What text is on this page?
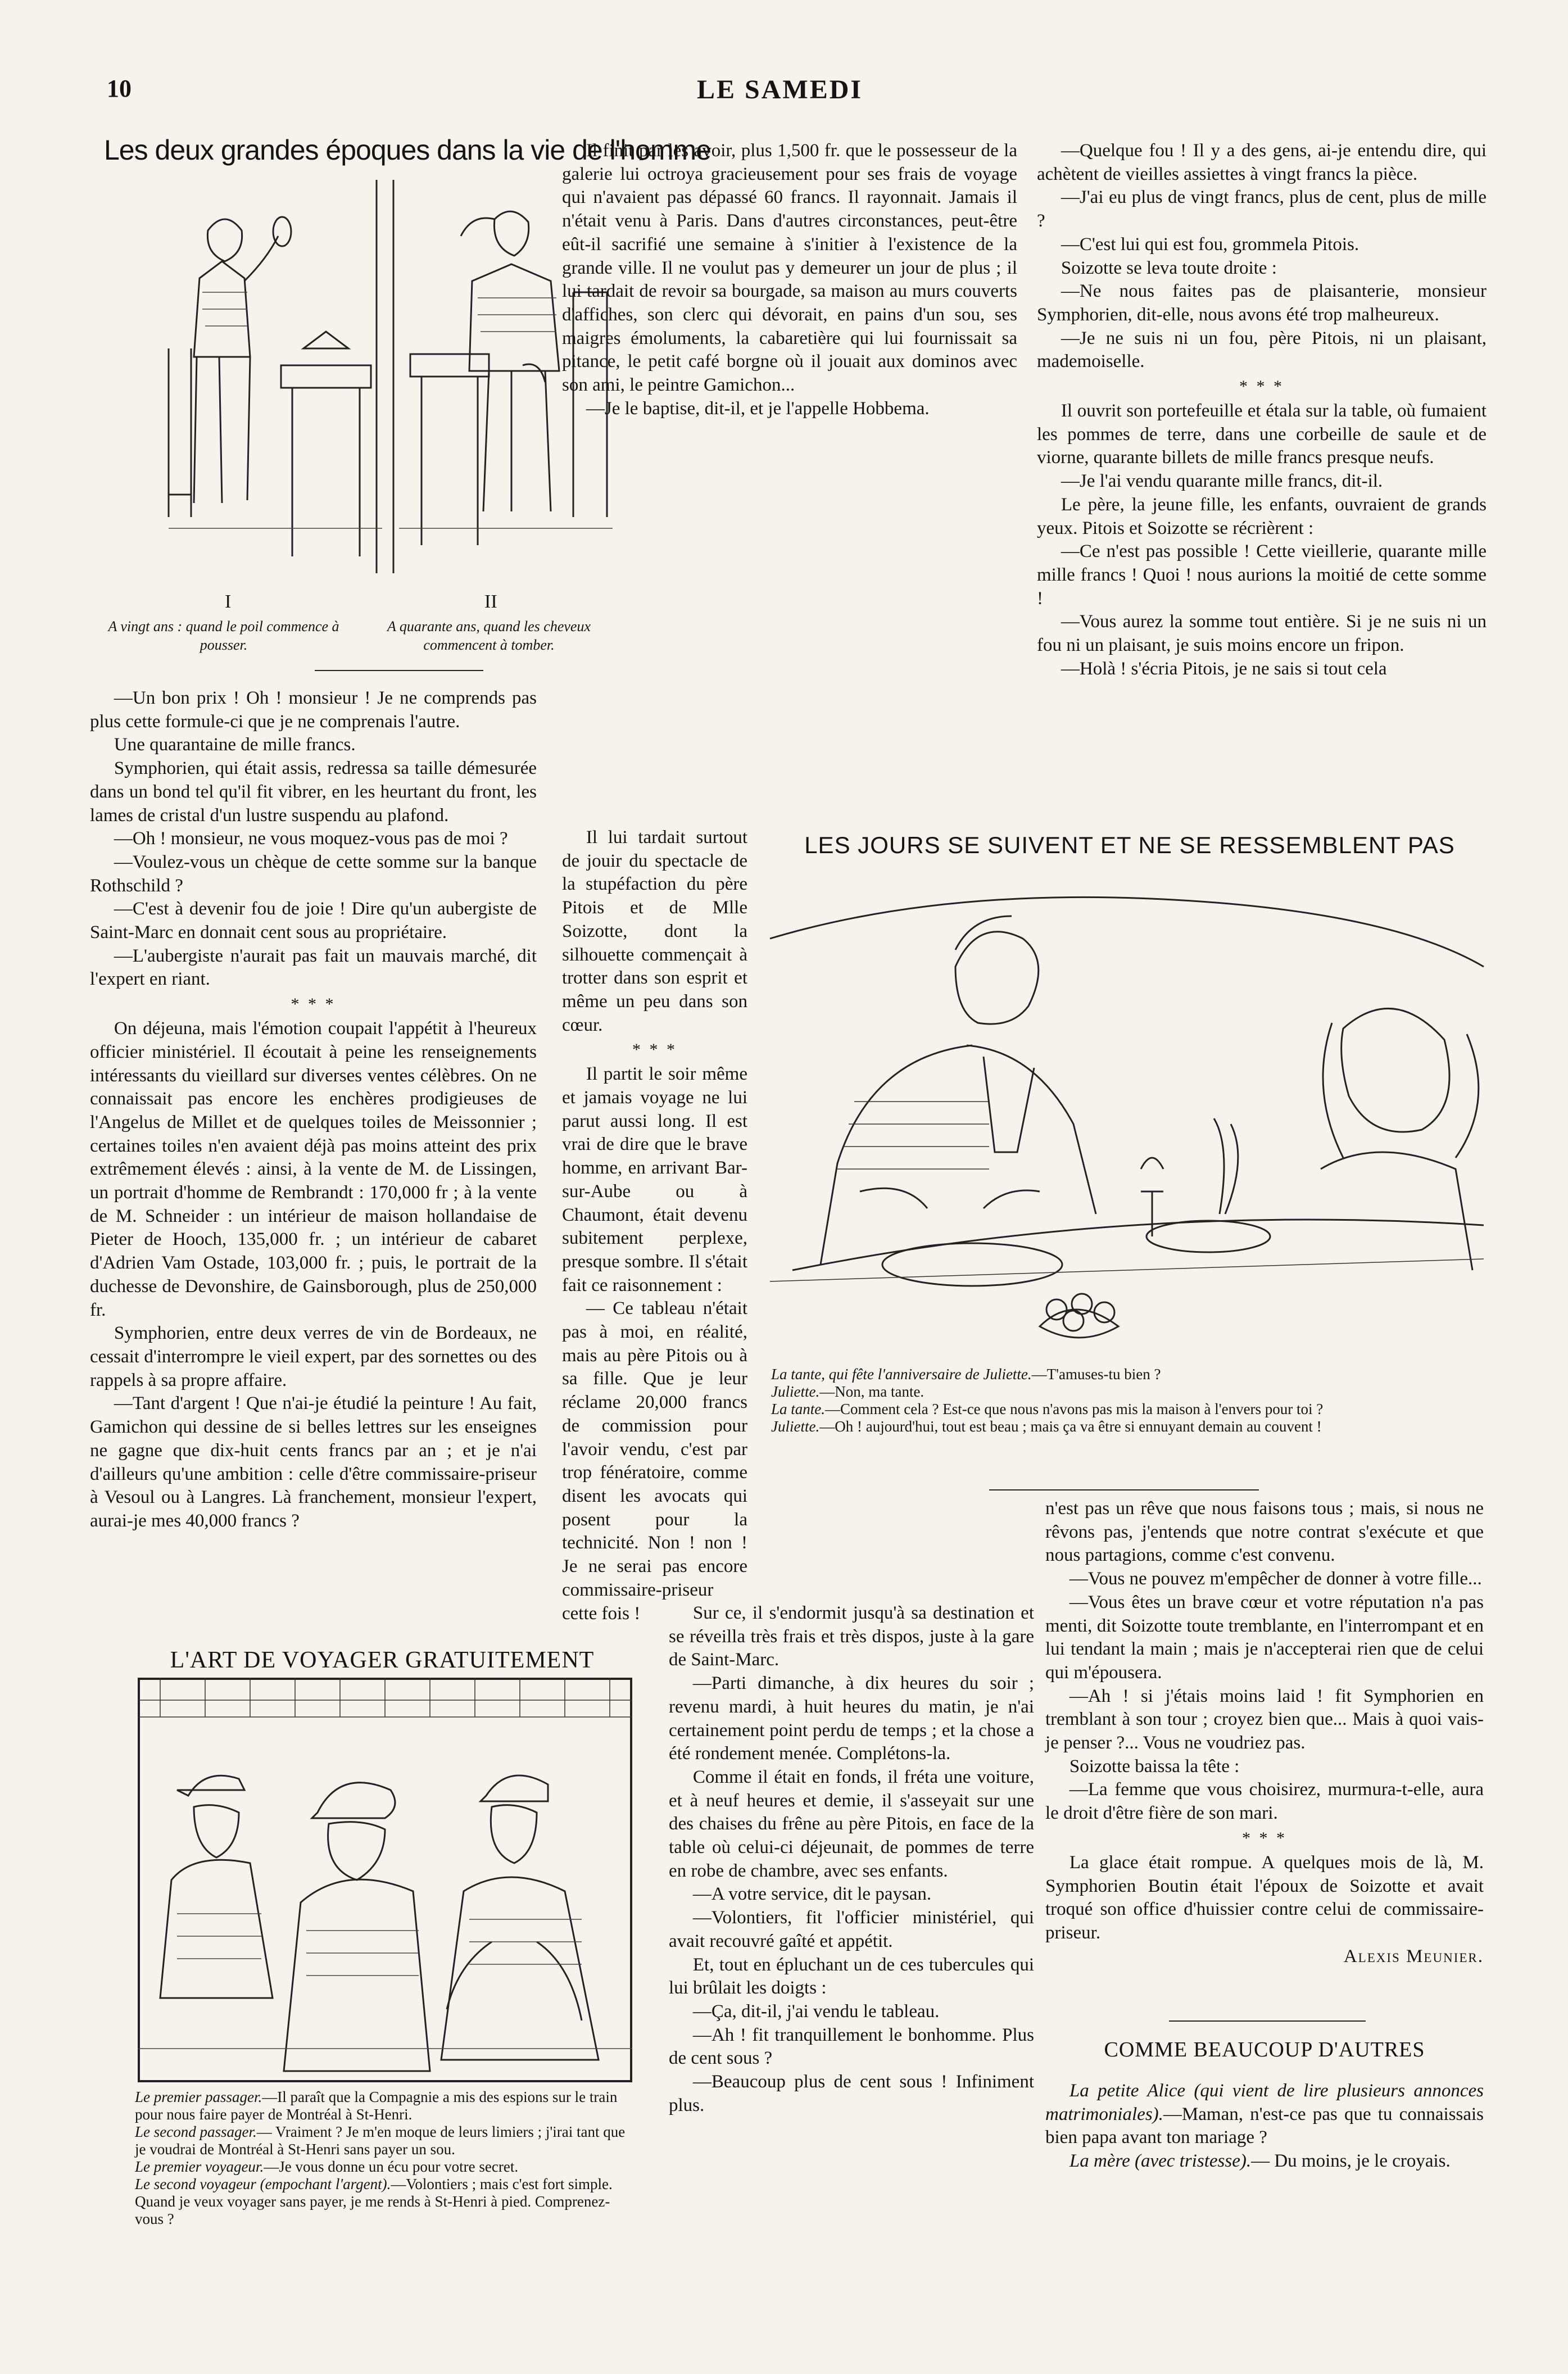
10	LE SAMEDI
Les deux grandes époques dans la vie de l'homme
I	II
A vingt ans : quand le poil commence à pousser.
A quarante ans, quand les cheveux commencent à tomber.

—Un bon prix ! Oh ! monsieur ! Je ne comprends pas plus cette formule-ci que je ne comprenais l'autre.

Une quarantaine de mille francs.

Symphorien, qui était assis, redressa sa taille démesurée dans un bond tel qu'il fit vibrer, en les heurtant du front, les lames de cristal d'un lustre suspendu au plafond.

—Oh ! monsieur, ne vous moquez-vous pas de moi ?

—Voulez-vous un chèque de cette somme sur la banque Rothschild ?

—C'est à devenir fou de joie ! Dire qu'un aubergiste de Saint-Marc en donnait cent sous au propriétaire.

—L'aubergiste n'aurait pas fait un mauvais marché, dit l'expert en riant.

* * *

On déjeuna, mais l'émotion coupait l'appétit à l'heureux officier ministériel. Il écoutait à peine les renseignements intéressants du vieillard sur diverses ventes célèbres. On ne connaissait pas encore les enchères prodigieuses de l'Angelus de Millet et de quelques toiles de Meissonnier ; certaines toiles n'en avaient déjà pas moins atteint des prix extrêmement élevés : ainsi, à la vente de M. de Lissingen, un portrait d'homme de Rembrandt : 170,000 fr ; à la vente de M. Schneider : un intérieur de maison hollandaise de Pieter de Hooch, 135,000 fr. ; un intérieur de cabaret d'Adrien Vam Ostade, 103,000 fr. ; puis, le portrait de la duchesse de Devonshire, de Gainsborough, plus de 250,000 fr.

Symphorien, entre deux verres de vin de Bordeaux, ne cessait d'interrompre le vieil expert, par des sornettes ou des rappels à sa propre affaire.

—Tant d'argent ! Que n'ai-je étudié la peinture ! Au fait, Gamichon qui dessine de si belles lettres sur les enseignes ne gagne que dix-huit cents francs par an ; et je n'ai d'ailleurs qu'une ambition : celle d'être commissaire-priseur à Vesoul ou à Langres. Là franchement, monsieur l'expert, aurai-je mes 40,000 francs ?

Il finit par les avoir, plus 1,500 fr. que le possesseur de la galerie lui octroya gracieusement pour ses frais de voyage qui n'avaient pas dépassé 60 francs. Il rayonnait. Jamais il n'était venu à Paris. Dans d'autres circonstances, peut-être eût-il sacrifié une semaine à s'initier à l'existence de la grande ville. Il ne voulut pas y demeurer un jour de plus ; il lui tardait de revoir sa bourgade, sa maison au murs couverts d'affiches, son clerc qui dévorait, en pains d'un sou, ses maigres émoluments, la cabaretière qui lui fournissait sa pitance, le petit café borgne où il jouait aux dominos avec son ami, le peintre Gamichon...

—Je le baptise, dit-il, et je l'appelle Hobbema.

Il lui tardait surtout de jouir du spectacle de la stupéfaction du père Pitois et de Mlle Soizotte, dont la silhouette commençait à trotter dans son esprit et même un peu dans son cœur.

* * *

Il partit le soir même et jamais voyage ne lui parut aussi long. Il est vrai de dire que le brave homme, en arrivant Bar-sur-Aube ou à Chaumont, était devenu subitement perplexe, presque sombre. Il s'était fait ce raisonnement :

— Ce tableau n'était pas à moi, en réalité, mais au père Pitois ou à sa fille. Que je leur réclame 20,000 francs de commission pour l'avoir vendu, c'est par trop fénératoire, comme disent les avocats qui posent pour la technicité. Non ! non ! Je ne serai pas encore commissaire-priseur cette fois !	Sur ce, il s'endormit jusqu'à sa destination et se réveilla très frais et très dispos, juste à la gare de Saint-Marc.

—Parti dimanche, à dix heures du soir ; revenu mardi, à huit heures du matin, je n'ai certainement point perdu de temps ; et la chose a été rondement menée. Complétons-la.

Comme il était en fonds, il fréta une voiture, et à neuf heures et demie, il s'asseyait sur une des chaises du frêne au père Pitois, en face de la table où celui-ci déjeunait, de pommes de terre en robe de chambre, avec ses enfants.

—A votre service, dit le paysan.

—Volontiers, fit l'officier ministériel, qui avait recouvré gaîté et appétit.

Et, tout en épluchant un de ces tubercules qui lui brûlait les doigts :

—Ça, dit-il, j'ai vendu le tableau.

—Ah ! fit tranquillement le bonhomme. Plus de cent sous ?

—Beaucoup plus de cent sous ! Infiniment plus.

—Quelque fou ! Il y a des gens, ai-je entendu dire, qui achètent de vieilles assiettes à vingt francs la pièce.

—J'ai eu plus de vingt francs, plus de cent, plus de mille ?

—C'est lui qui est fou, grommela Pitois.

Soizotte se leva toute droite :

—Ne nous faites pas de plaisanterie, monsieur Symphorien, dit-elle, nous avons été trop malheureux.

—Je ne suis ni un fou, père Pitois, ni un plaisant, mademoiselle.

* * *

Il ouvrit son portefeuille et étala sur la table, où fumaient les pommes de terre, dans une corbeille de saule et de viorne, quarante billets de mille francs presque neufs.

—Je l'ai vendu quarante mille francs, dit-il.

Le père, la jeune fille, les enfants, ouvraient de grands yeux. Pitois et Soizotte se récrièrent :

—Ce n'est pas possible ! Cette vieillerie, quarante mille mille francs ! Quoi ! nous aurions la moitié de cette somme !

—Vous aurez la somme tout entière. Si je ne suis ni un fou ni un plaisant, je suis moins encore un fripon.

—Holà ! s'écria Pitois, je ne sais si tout cela

LES JOURS SE SUIVENT ET NE SE RESSEMBLENT PAS

La tante, qui fête l'anniversaire de Juliette.—T'amuses-tu bien ?

Juliette.—Non, ma tante.

La tante.—Comment cela ? Est-ce que nous n'avons pas mis la maison à l'envers pour toi ?

Juliette.—Oh ! aujourd'hui, tout est beau ; mais ça va être si ennuyant demain au couvent !

n'est pas un rêve que nous faisons tous ; mais, si nous ne rêvons pas, j'entends que notre contrat s'exécute et que nous partagions, comme c'est convenu.

—Vous ne pouvez m'empêcher de donner à votre fille...

—Vous êtes un brave cœur et votre réputation n'a pas menti, dit Soizotte toute tremblante, en l'interrompant et en lui tendant la main ; mais je n'accepterai rien que de celui qui m'épousera.

—Ah ! si j'étais moins laid ! fit Symphorien en tremblant à son tour ; croyez bien que... Mais à quoi vais-je penser ?... Vous ne voudriez pas.

Soizotte baissa la tête :

—La femme que vous choisirez, murmura-t-elle, aura le droit d'être fière de son mari.

* * *

La glace était rompue. A quelques mois de là, M. Symphorien Boutin était l'époux de Soizotte et avait troqué son office d'huissier contre celui de commissaire-priseur.

Alexis Meunier.
COMME BEAUCOUP D'AUTRES

La petite Alice (qui vient de lire plusieurs annonces matrimoniales).—Maman, n'est-ce pas que tu connaissais bien papa avant ton mariage ?

La mère (avec tristesse).— Du moins, je le croyais.

L'ART DE VOYAGER GRATUITEMENT

Le premier passager.—Il paraît que la Compagnie a mis des espions sur le train pour nous faire payer de Montréal à St-Henri.

Le second passager.— Vraiment ? Je m'en moque de leurs limiers ; j'irai tant que je voudrai de Montréal à St-Henri sans payer un sou.

Le premier voyageur.—Je vous donne un écu pour votre secret.

Le second voyageur (empochant l'argent).—Volontiers ; mais c'est fort simple. Quand je veux voyager sans payer, je me rends à St-Henri à pied. Comprenez-vous ?
